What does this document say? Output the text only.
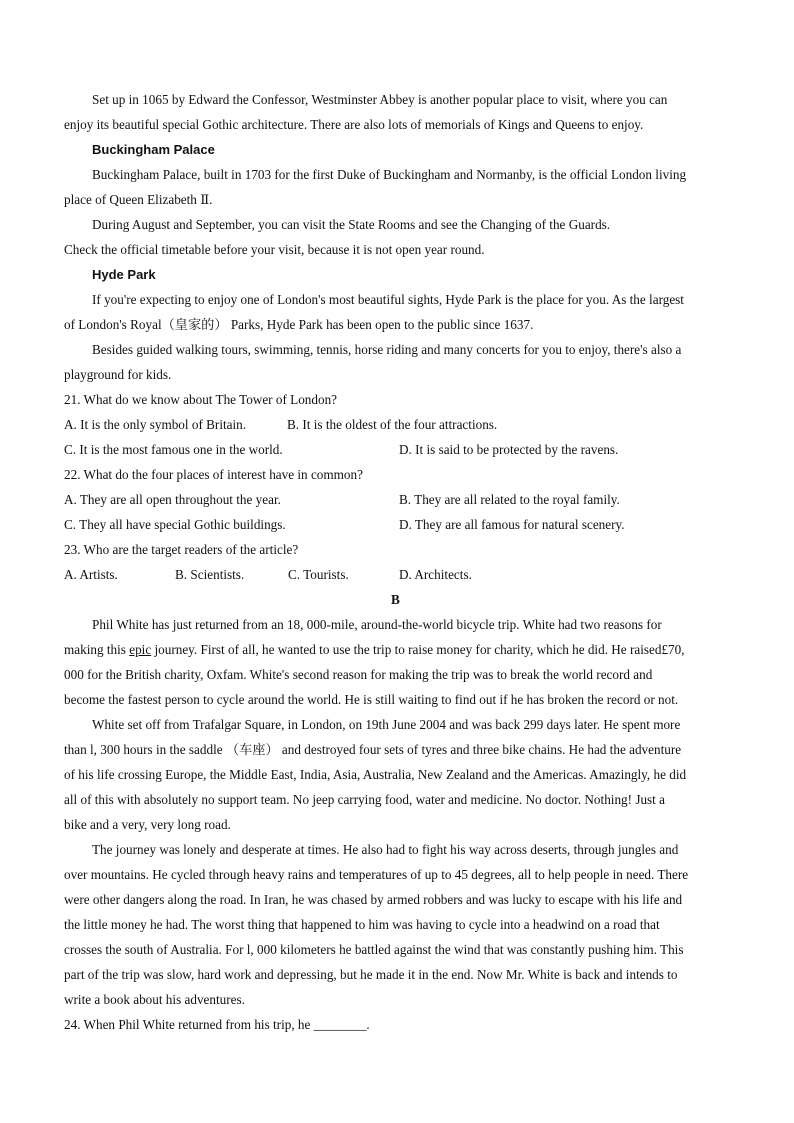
Set up in 1065 by Edward the Confessor, Westminster Abbey is another popular place to visit, where you can
enjoy its beautiful special Gothic architecture. There are also lots of memorials of Kings and Queens to enjoy.
Buckingham Palace
Buckingham Palace, built in 1703 for the first Duke of Buckingham and Normanby, is the official London living
place of Queen Elizabeth Ⅱ.
During August and September, you can visit the State Rooms and see the Changing of the Guards.
Check the official timetable before your visit, because it is not open year round.
Hyde Park
If you're expecting to enjoy one of London's most beautiful sights, Hyde Park is the place for you. As the largest
of London's Royal（皇家的） Parks, Hyde Park has been open to the public since 1637.
Besides guided walking tours, swimming, tennis, horse riding and many concerts for you to enjoy, there's also a
playground for kids.
21. What do we know about The Tower of London?
A. It is the only symbol of Britain.	B. It is the oldest of the four attractions.
C. It is the most famous one in the world.	D. It is said to be protected by the ravens.
22. What do the four places of interest have in common?
A. They are all open throughout the year.	B. They are all related to the royal family.
C. They all have special Gothic buildings.	D. They are all famous for natural scenery.
23. Who are the target readers of the article?
A. Artists.	B. Scientists.	C. Tourists.	D. Architects.
B
Phil White has just returned from an 18, 000-mile, around-the-world bicycle trip. White had two reasons for
making this epic journey. First of all, he wanted to use the trip to raise money for charity, which he did. He raised£70,
000 for the British charity, Oxfam. White's second reason for making the trip was to break the world record and
become the fastest person to cycle around the world. He is still waiting to find out if he has broken the record or not.
White set off from Trafalgar Square, in London, on 19th June 2004 and was back 299 days later. He spent more
than l, 300 hours in the saddle （车座） and destroyed four sets of tyres and three bike chains. He had the adventure
of his life crossing Europe, the Middle East, India, Asia, Australia, New Zealand and the Americas. Amazingly, he did
all of this with absolutely no support team. No jeep carrying food, water and medicine. No doctor. Nothing! Just a
bike and a very, very long road.
The journey was lonely and desperate at times. He also had to fight his way across deserts, through jungles and
over mountains. He cycled through heavy rains and temperatures of up to 45 degrees, all to help people in need. There
were other dangers along the road. In Iran, he was chased by armed robbers and was lucky to escape with his life and
the little money he had. The worst thing that happened to him was having to cycle into a headwind on a road that
crosses the south of Australia. For l, 000 kilometers he battled against the wind that was constantly pushing him. This
part of the trip was slow, hard work and depressing, but he made it in the end. Now Mr. White is back and intends to
write a book about his adventures.
24. When Phil White returned from his trip, he ________.
